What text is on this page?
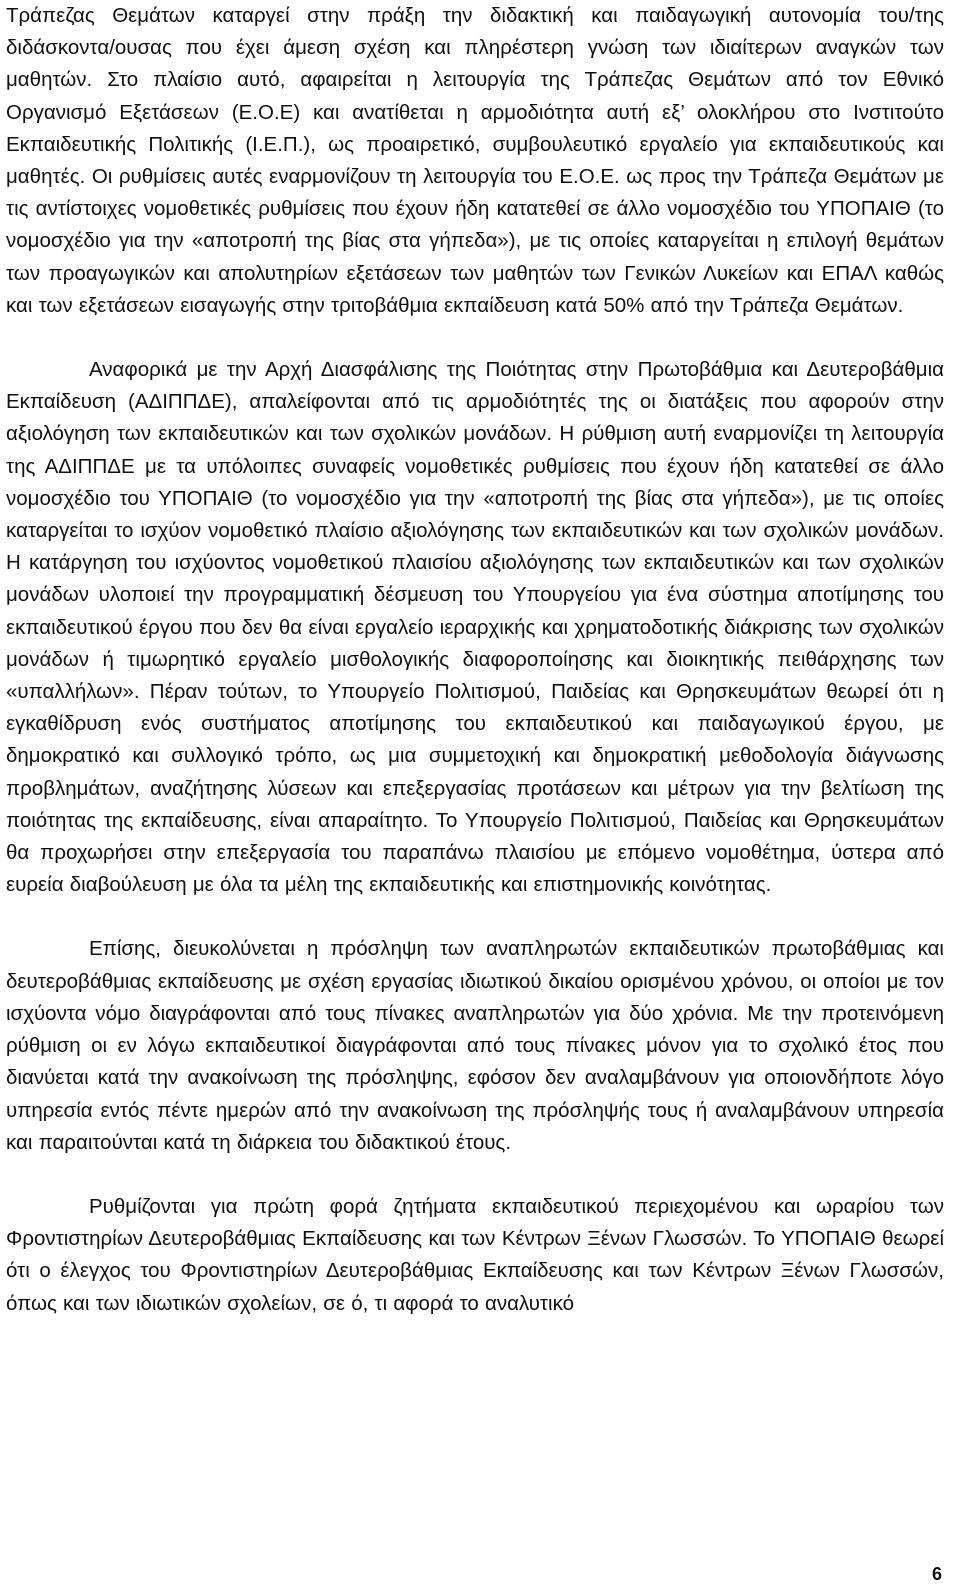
Τράπεζας Θεμάτων καταργεί στην πράξη την διδακτική και παιδαγωγική αυτονομία του/της διδάσκοντα/ουσας που έχει άμεση σχέση και πληρέστερη γνώση των ιδιαίτερων αναγκών των μαθητών. Στο πλαίσιο αυτό, αφαιρείται η λειτουργία της Τράπεζας Θεμάτων από τον Εθνικό Οργανισμό Εξετάσεων (Ε.Ο.Ε) και ανατίθεται η αρμοδιότητα αυτή εξ’ ολοκλήρου στο Ινστιτούτο Εκπαιδευτικής Πολιτικής (Ι.Ε.Π.), ως προαιρετικό, συμβουλευτικό εργαλείο για εκπαιδευτικούς και μαθητές. Οι ρυθμίσεις αυτές εναρμονίζουν τη λειτουργία του Ε.Ο.Ε. ως προς την Τράπεζα Θεμάτων με τις αντίστοιχες νομοθετικές ρυθμίσεις που έχουν ήδη κατατεθεί σε άλλο νομοσχέδιο του ΥΠΟΠΑΙΘ (το νομοσχέδιο για την «αποτροπή της βίας στα γήπεδα»), με τις οποίες καταργείται η επιλογή θεμάτων των προαγωγικών και απολυτηρίων εξετάσεων των μαθητών των Γενικών Λυκείων και ΕΠΑΛ καθώς και των εξετάσεων εισαγωγής στην τριτοβάθμια εκπαίδευση κατά 50% από την Τράπεζα Θεμάτων.

Αναφορικά με την Αρχή Διασφάλισης της Ποιότητας στην Πρωτοβάθμια και Δευτεροβάθμια Εκπαίδευση (ΑΔΙΠΠΔΕ), απαλείφονται από τις αρμοδιότητές της οι διατάξεις που αφορούν στην αξιολόγηση των εκπαιδευτικών και των σχολικών μονάδων. Η ρύθμιση αυτή εναρμονίζει τη λειτουργία της ΑΔΙΠΠΔΕ με τα υπόλοιπες συναφείς νομοθετικές ρυθμίσεις που έχουν ήδη κατατεθεί σε άλλο νομοσχέδιο του ΥΠΟΠΑΙΘ (το νομοσχέδιο για την «αποτροπή της βίας στα γήπεδα»), με τις οποίες καταργείται το ισχύον νομοθετικό πλαίσιο αξιολόγησης των εκπαιδευτικών και των σχολικών μονάδων. Η κατάργηση του ισχύοντος νομοθετικού πλαισίου αξιολόγησης των εκπαιδευτικών και των σχολικών μονάδων υλοποιεί την προγραμματική δέσμευση του Υπουργείου για ένα σύστημα αποτίμησης του εκπαιδευτικού έργου που δεν θα είναι εργαλείο ιεραρχικής και χρηματοδοτικής διάκρισης των σχολικών μονάδων ή τιμωρητικό εργαλείο μισθολογικής διαφοροποίησης και διοικητικής πειθάρχησης των «υπαλλήλων». Πέραν τούτων, το Υπουργείο Πολιτισμού, Παιδείας και Θρησκευμάτων θεωρεί ότι η εγκαθίδρυση ενός συστήματος αποτίμησης του εκπαιδευτικού και παιδαγωγικού έργου, με δημοκρατικό και συλλογικό τρόπο, ως μια συμμετοχική και δημοκρατική μεθοδολογία διάγνωσης προβλημάτων, αναζήτησης λύσεων και επεξεργασίας προτάσεων και μέτρων για την βελτίωση της ποιότητας της εκπαίδευσης, είναι απαραίτητο. Το Υπουργείο Πολιτισμού, Παιδείας και Θρησκευμάτων θα προχωρήσει στην επεξεργασία του παραπάνω πλαισίου με επόμενο νομοθέτημα, ύστερα από ευρεία διαβούλευση με όλα τα μέλη της εκπαιδευτικής και επιστημονικής κοινότητας.

Επίσης, διευκολύνεται η πρόσληψη των αναπληρωτών εκπαιδευτικών πρωτοβάθμιας και δευτεροβάθμιας εκπαίδευσης με σχέση εργασίας ιδιωτικού δικαίου ορισμένου χρόνου, οι οποίοι με τον ισχύοντα νόμο διαγράφονται από τους πίνακες αναπληρωτών για δύο χρόνια. Με την προτεινόμενη ρύθμιση οι εν λόγω εκπαιδευτικοί διαγράφονται από τους πίνακες μόνον για το σχολικό έτος που διανύεται κατά την ανακοίνωση της πρόσληψης, εφόσον δεν αναλαμβάνουν για οποιονδήποτε λόγο υπηρεσία εντός πέντε ημερών από την ανακοίνωση της πρόσληψής τους ή αναλαμβάνουν υπηρεσία και παραιτούνται κατά τη διάρκεια του διδακτικού έτους.

Ρυθμίζονται για πρώτη φορά ζητήματα εκπαιδευτικού περιεχομένου και ωραρίου των Φροντιστηρίων Δευτεροβάθμιας Εκπαίδευσης και των Κέντρων Ξένων Γλωσσών. Το ΥΠΟΠΑΙΘ θεωρεί ότι ο έλεγχος του Φροντιστηρίων Δευτεροβάθμιας Εκπαίδευσης και των Κέντρων Ξένων Γλωσσών, όπως και των ιδιωτικών σχολείων, σε ό, τι αφορά το αναλυτικό

6
